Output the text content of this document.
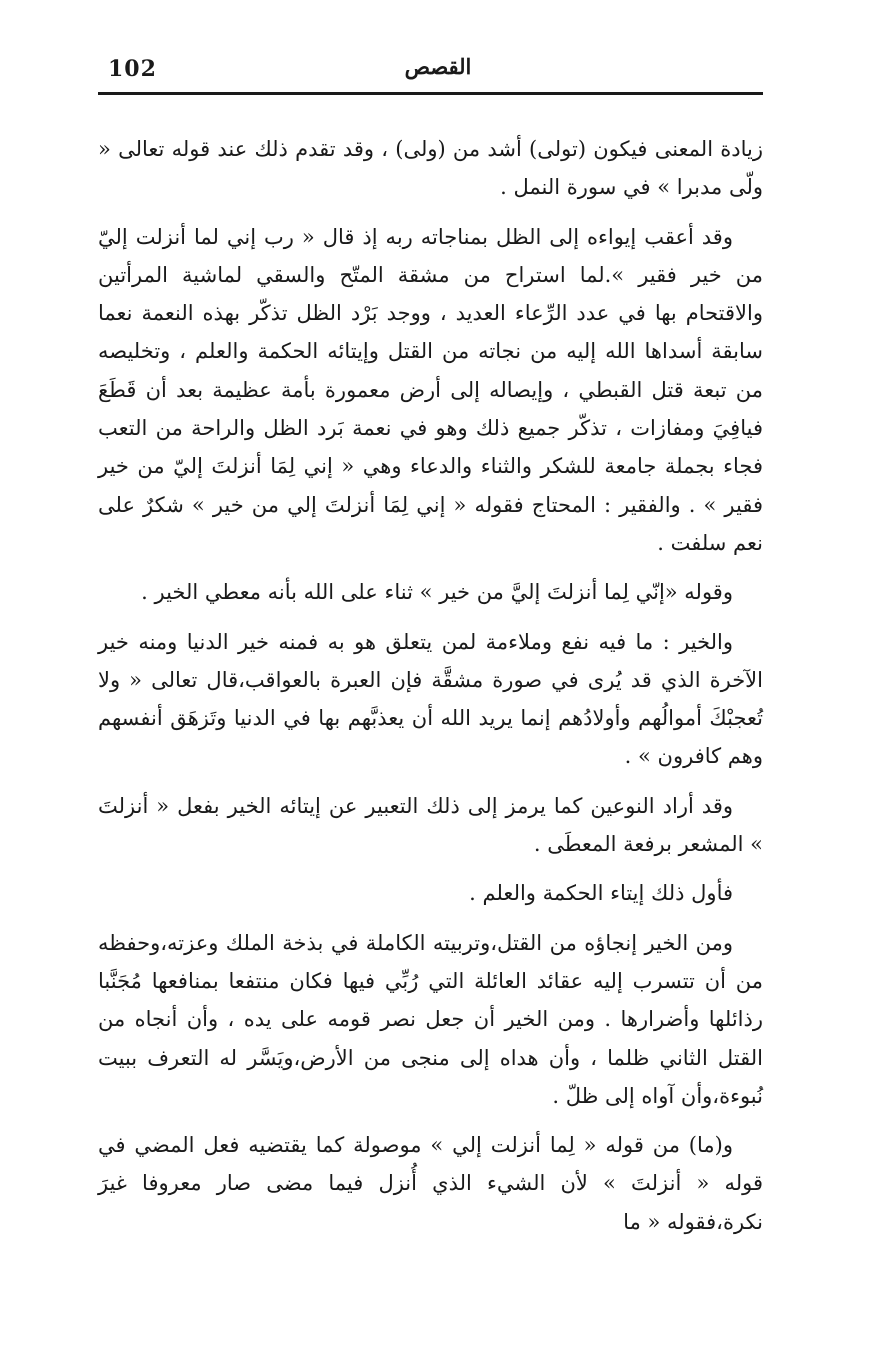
102	القصص

زيادة المعنى فيكون (تولى) أشد من (ولى) ، وقد تقدم ذلك عند قوله تعالى « ولّى مدبرا » في سورة النمل .

وقد أعقب إيواءه إلى الظل بمناجاته ربه إذ قال « رب إني لما أنزلت إليّ من خير فقير ».لما استراح من مشقة المتّح والسقي لماشية المرأتين والاقتحام بها في عدد الرِّعاء العديد ، ووجد بَرْد الظل تذكّر بهذه النعمة نعما سابقة أسداها الله إليه من نجاته من القتل وإيتائه الحكمة والعلم ، وتخليصه من تبعة قتل القبطي ، وإيصاله إلى أرض معمورة بأمة عظيمة بعد أن قَطَعَ فيافِيَ ومفازات ، تذكّر جميع ذلك وهو في نعمة بَرد الظل والراحة من التعب فجاء بجملة جامعة للشكر والثناء والدعاء وهي « إني لِمَا أنزلتَ إليّ من خير فقير » . والفقير : المحتاج فقوله « إني لِمَا أنزلتَ إلي من خير » شكرٌ على نعم سلفت .

وقوله «إنّي لِما أنزلتَ إليَّ من خير » ثناء على الله بأنه معطي الخير .

والخير : ما فيه نفع وملاءمة لمن يتعلق هو به فمنه خير الدنيا ومنه خير الآخرة الذي قد يُرى في صورة مشقَّة فإن العبرة بالعواقب،قال تعالى « ولا تُعجبْكَ أموالُهم وأولادُهم إنما يريد الله أن يعذبَّهم بها في الدنيا وتَزهَق أنفسهم وهم كافرون » .

وقد أراد النوعين كما يرمز إلى ذلك التعبير عن إيتائه الخير بفعل « أنزلتَ » المشعر برفعة المعطَى .

فأول ذلك إيتاء الحكمة والعلم .

ومن الخير إنجاؤه من القتل،وتربيته الكاملة في بذخة الملك وعزته،وحفظه من أن تتسرب إليه عقائد العائلة التي رُبِّي فيها فكان منتفعا بمنافعها مُجَنَّبا رذائلها وأضرارها . ومن الخير أن جعل نصر قومه على يده ، وأن أنجاه من القتل الثاني ظلما ، وأن هداه إلى منجى من الأرض،ويَسَّر له التعرف ببيت نُبوءة،وأن آواه إلى ظلّ .

و(ما) من قوله « لِما أنزلت إلي » موصولة كما يقتضيه فعل المضي في قوله « أنزلتَ » لأن الشيء الذي أُنزل فيما مضى صار معروفا غيرَ نكرة،فقوله « ما
